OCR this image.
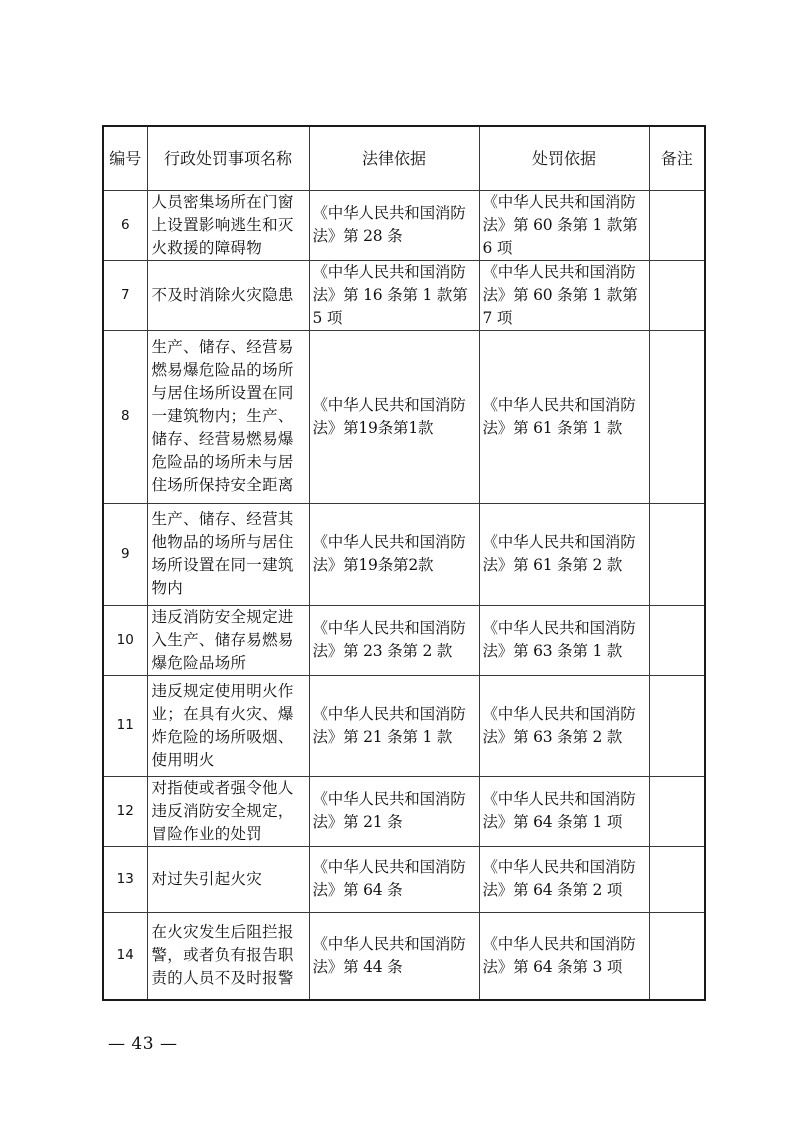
编号	行政处罚事项名称	法律依据	处罚依据	备注
6	人员密集场所在门窗上设置影响逃生和灭火救援的障碍物	《中华人民共和国消防法》第 28 条	《中华人民共和国消防法》第 60 条第 1 款第 6 项	
7	不及时消除火灾隐患	《中华人民共和国消防法》第 16 条第 1 款第 5 项	《中华人民共和国消防法》第 60 条第 1 款第 7 项	
8	生产、储存、经营易燃易爆危险品的场所与居住场所设置在同一建筑物内；生产、储存、经营易燃易爆危险品的场所未与居住场所保持安全距离	《中华人民共和国消防法》第19条第1款	《中华人民共和国消防法》第 61 条第 1 款	
9	生产、储存、经营其他物品的场所与居住场所设置在同一建筑物内	《中华人民共和国消防法》第19条第2款	《中华人民共和国消防法》第 61 条第 2 款	
10	违反消防安全规定进入生产、储存易燃易爆危险品场所	《中华人民共和国消防法》第 23 条第 2 款	《中华人民共和国消防法》第 63 条第 1 款	
11	违反规定使用明火作业；在具有火灾、爆炸危险的场所吸烟、使用明火	《中华人民共和国消防法》第 21 条第 1 款	《中华人民共和国消防法》第 63 条第 2 款	
12	对指使或者强令他人违反消防安全规定，冒险作业的处罚	《中华人民共和国消防法》第 21 条	《中华人民共和国消防法》第 64 条第 1 项	
13	对过失引起火灾	《中华人民共和国消防法》第 64 条	《中华人民共和国消防法》第 64 条第 2 项	
14	在火灾发生后阻拦报警，或者负有报告职责的人员不及时报警	《中华人民共和国消防法》第 44 条	《中华人民共和国消防法》第 64 条第 3 项	
— 43 —
